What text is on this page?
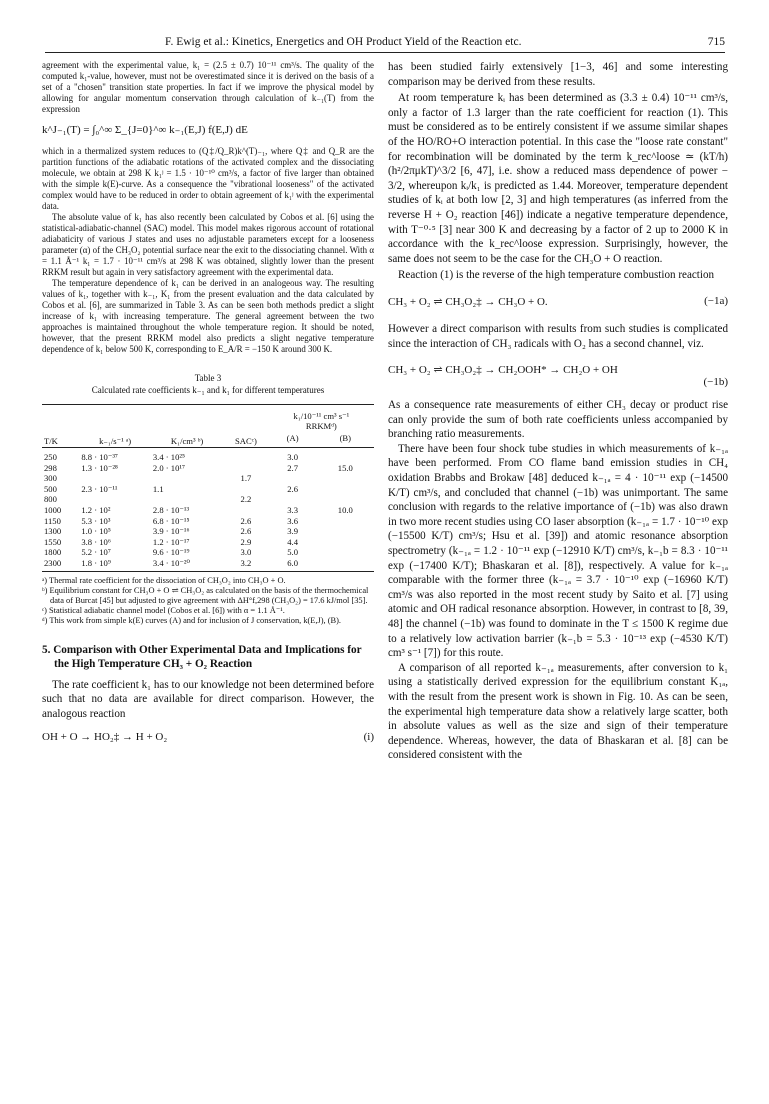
F. Ewig et al.: Kinetics, Energetics and OH Product Yield of the Reaction etc.	715

agreement with the experimental value, k₁ = (2.5 ± 0.7) 10⁻¹¹ cm³/s. The quality of the computed k₁-value, however, must not be overestimated since it is derived on the basis of a set of a "chosen" transition state properties. In fact if we improve the physical model by allowing for angular momentum conservation through calculation of k₋₁(T) from the expression

k^J₋₁(T) = ∫₀^∞ Σ_{J=0}^∞ k₋₁(E,J) f(E,J) dE

which in a thermalized system reduces to (Q‡/Q_R)k^(T)₋₁, where Q‡ and Q_R are the partition functions of the adiabatic rotations of the activated complex and the dissociating molecule, we obtain at 298 K k₁ʲ = 1.5 · 10⁻¹⁰ cm³/s, a factor of five larger than obtained with the simple k(E)-curve. As a consequence the "vibrational looseness" of the activated complex would have to be reduced in order to obtain agreement of k₁ʲ with the experimental data.

The absolute value of k₁ has also recently been calculated by Cobos et al. [6] using the statistical-adiabatic-channel (SAC) model. This model makes rigorous account of rotational adiabaticity of various J states and uses no adjustable parameters except for a looseness parameter (α) of the CH₃O₂ potential surface near the exit to the dissociating channel. With α = 1.1 Å⁻¹ k₁ = 1.7 · 10⁻¹¹ cm³/s at 298 K was obtained, slightly lower than the present RRKM result but again in very satisfactory agreement with the experimental data.

The temperature dependence of k₁ can be derived in an analogeous way. The resulting values of k₁, together with k₋₁, K₁ from the present evaluation and the data calculated by Cobos et al. [6], are summarized in Table 3. As can be seen both methods predict a slight increase of k₁ with increasing temperature. The general agreement between the two approaches is maintained throughout the whole temperature region. It should be noted, however, that the present RRKM model also predicts a slight negative temperature dependence of k₁ below 500 K, corresponding to E_A/R = −150 K around 300 K.

Table 3
Calculated rate coefficients k₋₁ and k₁ for different temperatures
T/K	k₋₁/s⁻¹ ᵃ)	K₁/cm³ ᵇ)	SACᶜ)	k₁/10⁻¹¹ cm³ s⁻¹
RRKMᵈ)	

				(A)	(B)

250	8.8 · 10⁻³⁷	3.4 · 10²⁵		3.0	
298	1.3 · 10⁻²⁸	2.0 · 10¹⁷		2.7	15.0
300			1.7		
500	2.3 · 10⁻¹¹	1.1		2.6	
800			2.2		
1000	1.2 · 10²	2.8 · 10⁻¹³		3.3	10.0
1150	5.3 · 10³	6.8 · 10⁻¹⁵	2.6	3.6	
1300	1.0 · 10⁵	3.9 · 10⁻¹⁶	2.6	3.9	
1550	3.8 · 10⁶	1.2 · 10⁻¹⁷	2.9	4.4	
1800	5.2 · 10⁷	9.6 · 10⁻¹⁹	3.0	5.0	
2300	1.8 · 10⁹	3.4 · 10⁻²⁰	3.2	6.0	
ᵃ) Thermal rate coefficient for the dissociation of CH₃O₂ into CH₃O + O.
ᵇ) Equilibrium constant for CH₃O + O ⇌ CH₃O₂ as calculated on the basis of the thermochemical data of Burcat [45] but adjusted to give agreement with ΔH°f,298 (CH₃O₂) = 17.6 kJ/mol [35].
ᶜ) Statistical adiabatic channel model (Cobos et al. [6]) with α = 1.1 Å⁻¹.
ᵈ) This work from simple k(E) curves (A) and for inclusion of J conservation, k(E,J), (B).
5. Comparison with Other Experimental Data and Implications for the High Temperature CH₃ + O₂ Reaction

The rate coefficient k₁ has to our knowledge not been determined before such that no data are available for direct comparison. However, the analogous reaction

OH + O → HO₂‡ → H + O₂	(i)

has been studied fairly extensively [1−3, 46] and some interesting comparison may be derived from these results.

At room temperature kᵢ has been determined as (3.3 ± 0.4) 10⁻¹¹ cm³/s, only a factor of 1.3 larger than the rate coefficient for reaction (1). This must be considered as to be entirely consistent if we assume similar shapes of the HO/RO+O interaction potential. In this case the "loose rate constant" for recombination will be dominated by the term k_rec^loose ≃ (kT/h) (h²/2πμkT)^3/2 [6, 47], i.e. show a reduced mass dependence of power − 3/2, whereupon kᵢ/k₁ is predicted as 1.44. Moreover, temperature dependent studies of kᵢ at both low [2, 3] and high temperatures (as inferred from the reverse H + O₂ reaction [46]) indicate a negative temperature dependence, with T⁻⁰·⁵ [3] near 300 K and decreasing by a factor of 2 up to 2000 K in accordance with the k_rec^loose expression. Surprisingly, however, the same does not seem to be the case for the CH₃O + O reaction.

Reaction (1) is the reverse of the high temperature combustion reaction

CH₃ + O₂ ⇌ CH₃O₂‡ → CH₃O + O.	(−1a)

However a direct comparison with results from such studies is complicated since the interaction of CH₃ radicals with O₂ has a second channel, viz.

CH₃ + O₂ ⇌ CH₃O₂‡ → CH₂OOH* → CH₂O + OH
(−1b)

As a consequence rate measurements of either CH₃ decay or product rise can only provide the sum of both rate coefficients unless accompanied by branching ratio measurements.

There have been four shock tube studies in which measurements of k₋₁ₐ have been performed. From CO flame band emission studies in CH₄ oxidation Brabbs and Brokaw [48] deduced k₋₁ₐ = 4 · 10⁻¹¹ exp (−14500 K/T) cm³/s, and concluded that channel (−1b) was unimportant. The same conclusion with regards to the relative importance of (−1b) was also drawn in two more recent studies using CO laser absorption (k₋₁ₐ = 1.7 · 10⁻¹⁰ exp (−15500 K/T) cm³/s; Hsu et al. [39]) and atomic resonance absorption spectrometry (k₋₁ₐ = 1.2 · 10⁻¹¹ exp (−12910 K/T) cm³/s, k₋₁b = 8.3 · 10⁻¹¹ exp (−17400 K/T); Bhaskaran et al. [8]), respectively. A value for k₋₁ₐ comparable with the former three (k₋₁ₐ = 3.7 · 10⁻¹⁰ exp (−16960 K/T) cm³/s was also reported in the most recent study by Saito et al. [7] using atomic and OH radical resonance absorption. However, in contrast to [8, 39, 48] the channel (−1b) was found to dominate in the T ≤ 1500 K regime due to a relatively low activation barrier (k₋₁b = 5.3 · 10⁻¹³ exp (−4530 K/T) cm³ s⁻¹ [7]) for this route.

A comparison of all reported k₋₁ₐ measurements, after conversion to k₁ using a statistically derived expression for the equilibrium constant K₁ₐ, with the result from the present work is shown in Fig. 10. As can be seen, the experimental high temperature data show a relatively large scatter, both in absolute values as well as the size and sign of their temperature dependence. Whereas, however, the data of Bhaskaran et al. [8] can be considered consistent with the
